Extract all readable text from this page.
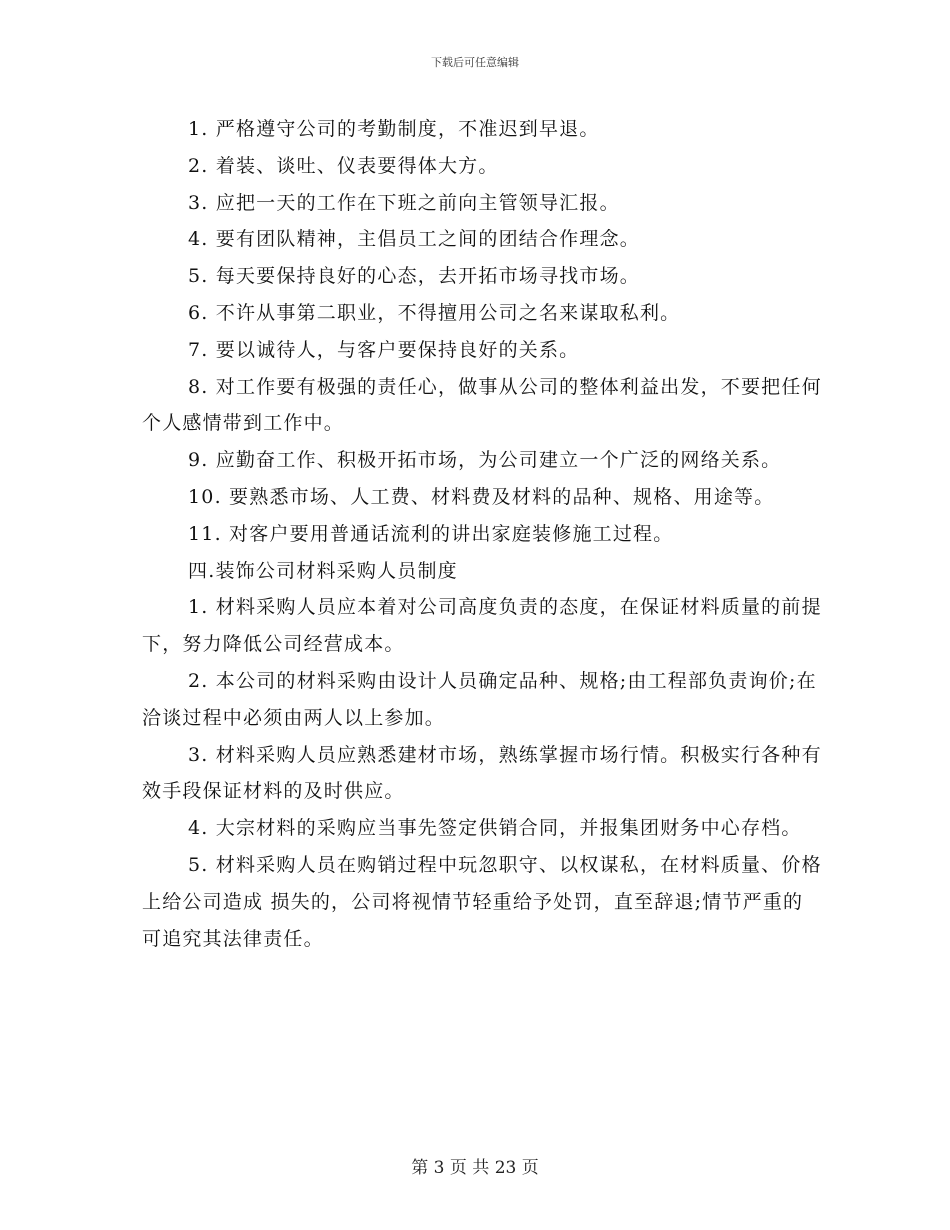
下载后可任意编辑

1. 严格遵守公司的考勤制度，不准迟到早退。

2. 着装、谈吐、仪表要得体大方。

3. 应把一天的工作在下班之前向主管领导汇报。

4. 要有团队精神，主倡员工之间的团结合作理念。

5. 每天要保持良好的心态，去开拓市场寻找市场。

6. 不许从事第二职业，不得擅用公司之名来谋取私利。

7. 要以诚待人，与客户要保持良好的关系。

8. 对工作要有极强的责任心，做事从公司的整体利益出发，不要把任何个人感情带到工作中。

9. 应勤奋工作、积极开拓市场，为公司建立一个广泛的网络关系。

10. 要熟悉市场、人工费、材料费及材料的品种、规格、用途等。

11. 对客户要用普通话流利的讲出家庭装修施工过程。

四.装饰公司材料采购人员制度

1. 材料采购人员应本着对公司高度负责的态度，在保证材料质量的前提下，努力降低公司经营成本。

2. 本公司的材料采购由设计人员确定品种、规格;由工程部负责询价;在洽谈过程中必须由两人以上参加。

3. 材料采购人员应熟悉建材市场，熟练掌握市场行情。积极实行各种有效手段保证材料的及时供应。

4. 大宗材料的采购应当事先签定供销合同，并报集团财务中心存档。

5. 材料采购人员在购销过程中玩忽职守、以权谋私，在材料质量、价格上给公司造成 损失的，公司将视情节轻重给予处罚，直至辞退;情节严重的可追究其法律责任。

第 3 页 共 23 页
